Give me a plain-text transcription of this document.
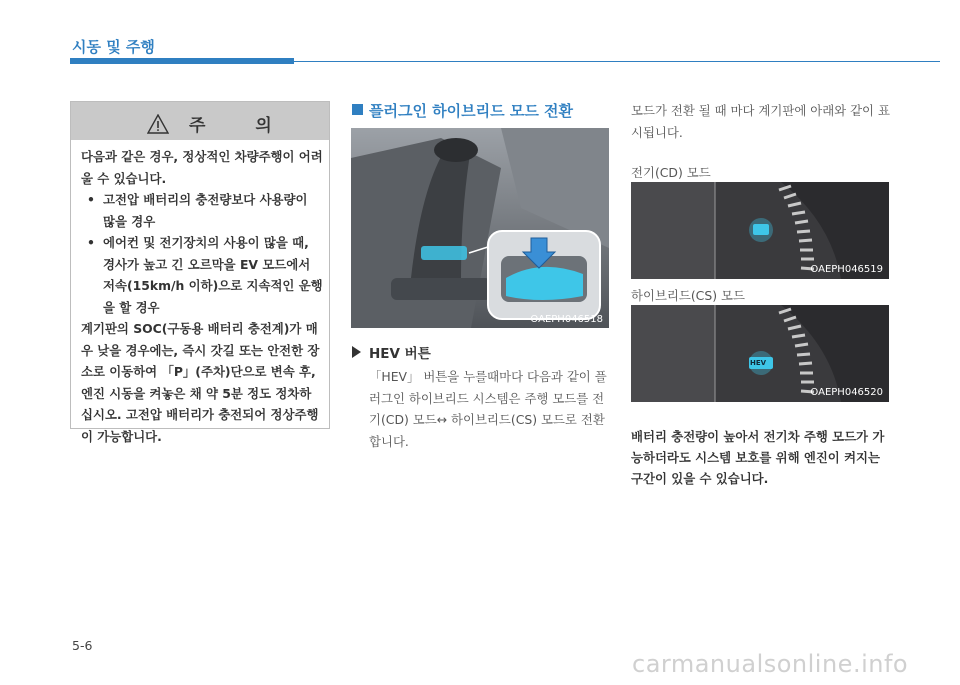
시동 및 주행
주 의

다음과 같은 경우, 정상적인 차량주행이 어려울 수 있습니다.

• 고전압 배터리의 충전량보다 사용량이 많을 경우
• 에어컨 및 전기장치의 사용이 많을 때, 경사가 높고 긴 오르막을 EV 모드에서 저속(15km/h 이하)으로 지속적인 운행을 할 경우

계기판의 SOC(구동용 배터리 충전계)가 매우 낮을 경우에는, 즉시 갓길 또는 안전한 장소로 이동하여 「P」(주차)단으로 변속 후, 엔진 시동을 켜놓은 채 약 5분 정도 정차하십시오. 고전압 배터리가 충전되어 정상주행이 가능합니다.

플러그인 하이브리드 모드 전환
OAEPH046518
HEV 버튼
「HEV」 버튼을 누를때마다 다음과 같이 플러그인 하이브리드 시스템은 주행 모드를 전기(CD) 모드↔ 하이브리드(CS) 모드로 전환합니다.
모드가 전환 될 때 마다 계기판에 아래와 같이 표시됩니다.
전기(CD) 모드
OAEPH046519
하이브리드(CS) 모드
HEV
OAEPH046520
배터리 충전량이 높아서 전기차 주행 모드가 가능하더라도 시스템 보호를 위해 엔진이 켜지는 구간이 있을 수 있습니다.
5-6
carmanualsonline.info
